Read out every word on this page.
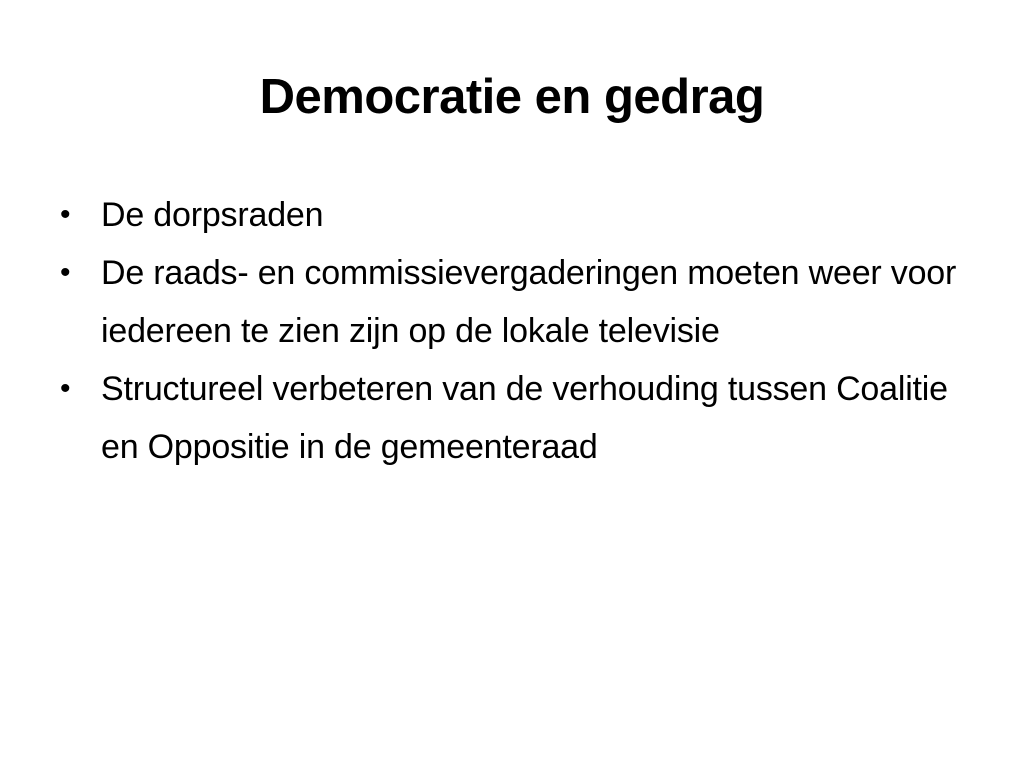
Democratie en gedrag
• De dorpsraden
• De raads- en commissievergaderingen moeten weer voor iedereen te zien zijn op de lokale televisie
• Structureel verbeteren van de verhouding tussen Coalitie en Oppositie in de gemeenteraad
